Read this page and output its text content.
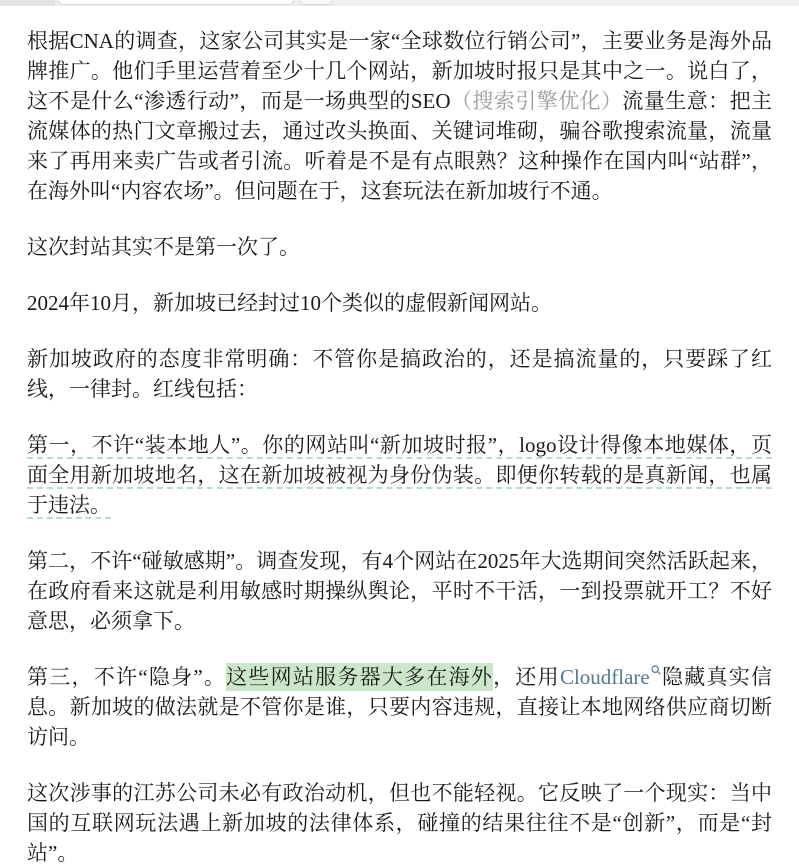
根据CNA的调查，这家公司其实是一家“全球数位行销公司”，主要业务是海外品牌推广。他们手里运营着至少十几个网站，新加坡时报只是其中之一。说白了，这不是什么“渗透行动”，而是一场典型的SEO（搜索引擎优化）流量生意：把主流媒体的热门文章搬过去，通过改头换面、关键词堆砌，骗谷歌搜索流量，流量来了再用来卖广告或者引流。听着是不是有点眼熟？这种操作在国内叫“站群”，在海外叫“内容农场”。但问题在于，这套玩法在新加坡行不通。

这次封站其实不是第一次了。

2024年10月，新加坡已经封过10个类似的虚假新闻网站。

新加坡政府的态度非常明确：不管你是搞政治的，还是搞流量的，只要踩了红线，一律封。红线包括：

第一，不许“装本地人”。你的网站叫“新加坡时报”，logo设计得像本地媒体，页面全用新加坡地名，这在新加坡被视为身份伪装。即便你转载的是真新闻，也属于违法。

第二，不许“碰敏感期”。调查发现，有4个网站在2025年大选期间突然活跃起来，在政府看来这就是利用敏感时期操纵舆论，平时不干活，一到投票就开工？不好意思，必须拿下。

第三，不许“隐身”。这些网站服务器大多在海外，还用Cloudflare 隐藏真实信息。新加坡的做法就是不管你是谁，只要内容违规，直接让本地网络供应商切断访问。

这次涉事的江苏公司未必有政治动机，但也不能轻视。它反映了一个现实：当中国的互联网玩法遇上新加坡的法律体系，碰撞的结果往往不是“创新”，而是“封站”。
